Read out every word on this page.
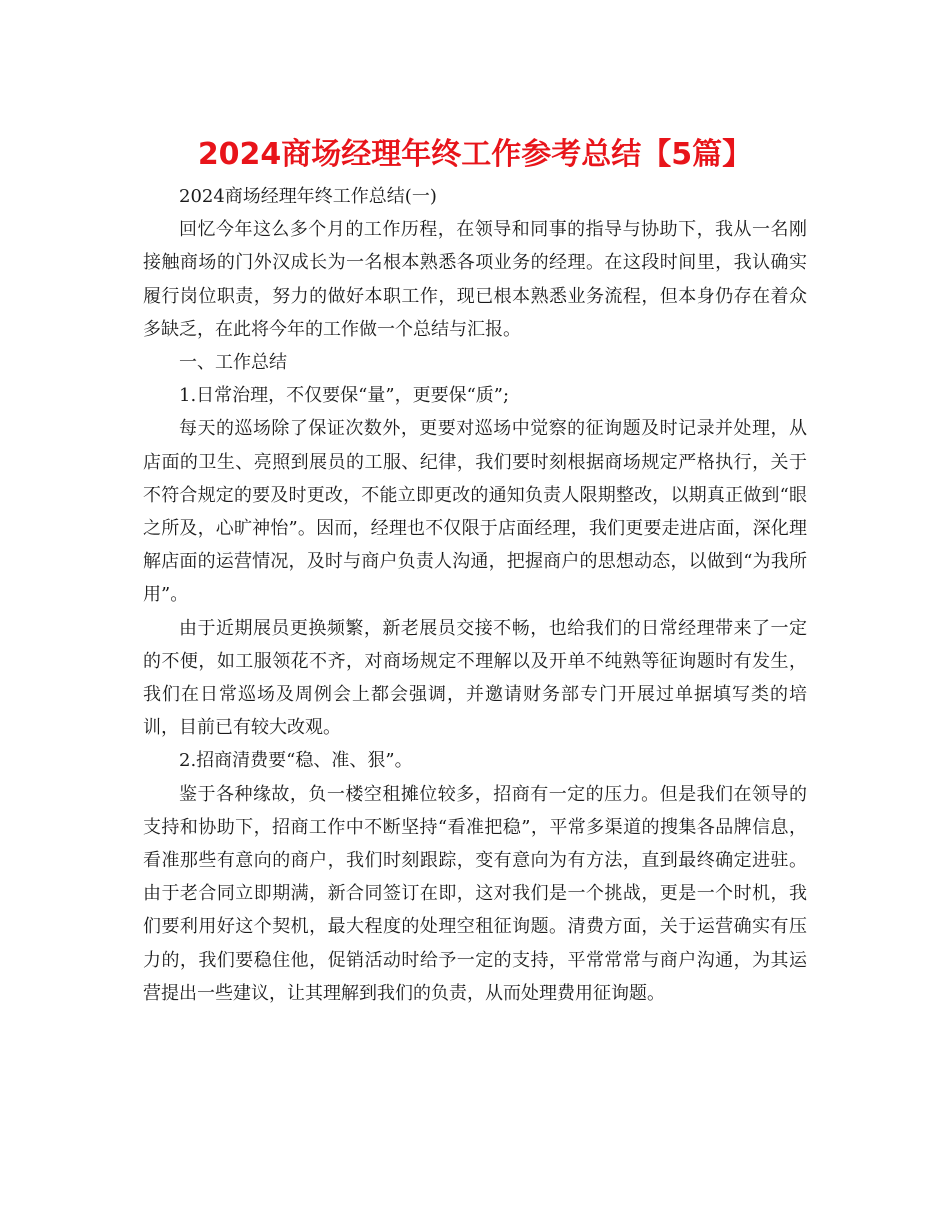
2024商场经理年终工作参考总结【5篇】

2024商场经理年终工作总结(一)

回忆今年这么多个月的工作历程，在领导和同事的指导与协助下，我从一名刚接触商场的门外汉成长为一名根本熟悉各项业务的经理。在这段时间里，我认确实履行岗位职责，努力的做好本职工作，现已根本熟悉业务流程，但本身仍存在着众多缺乏，在此将今年的工作做一个总结与汇报。

一、工作总结

1.日常治理，不仅要保“量”，更要保“质”;

每天的巡场除了保证次数外，更要对巡场中觉察的征询题及时记录并处理，从店面的卫生、亮照到展员的工服、纪律，我们要时刻根据商场规定严格执行，关于不符合规定的要及时更改，不能立即更改的通知负责人限期整改，以期真正做到“眼之所及，心旷神怡”。因而，经理也不仅限于店面经理，我们更要走进店面，深化理解店面的运营情况，及时与商户负责人沟通，把握商户的思想动态，以做到“为我所用”。

由于近期展员更换频繁，新老展员交接不畅，也给我们的日常经理带来了一定的不便，如工服领花不齐，对商场规定不理解以及开单不纯熟等征询题时有发生，我们在日常巡场及周例会上都会强调，并邀请财务部专门开展过单据填写类的培训，目前已有较大改观。

2.招商清费要“稳、准、狠”。

鉴于各种缘故，负一楼空租摊位较多，招商有一定的压力。但是我们在领导的支持和协助下，招商工作中不断坚持“看准把稳”，平常多渠道的搜集各品牌信息，看准那些有意向的商户，我们时刻跟踪，变有意向为有方法，直到最终确定进驻。由于老合同立即期满，新合同签订在即，这对我们是一个挑战，更是一个时机，我们要利用好这个契机，最大程度的处理空租征询题。清费方面，关于运营确实有压力的，我们要稳住他，促销活动时给予一定的支持，平常常常与商户沟通，为其运营提出一些建议，让其理解到我们的负责，从而处理费用征询题。
